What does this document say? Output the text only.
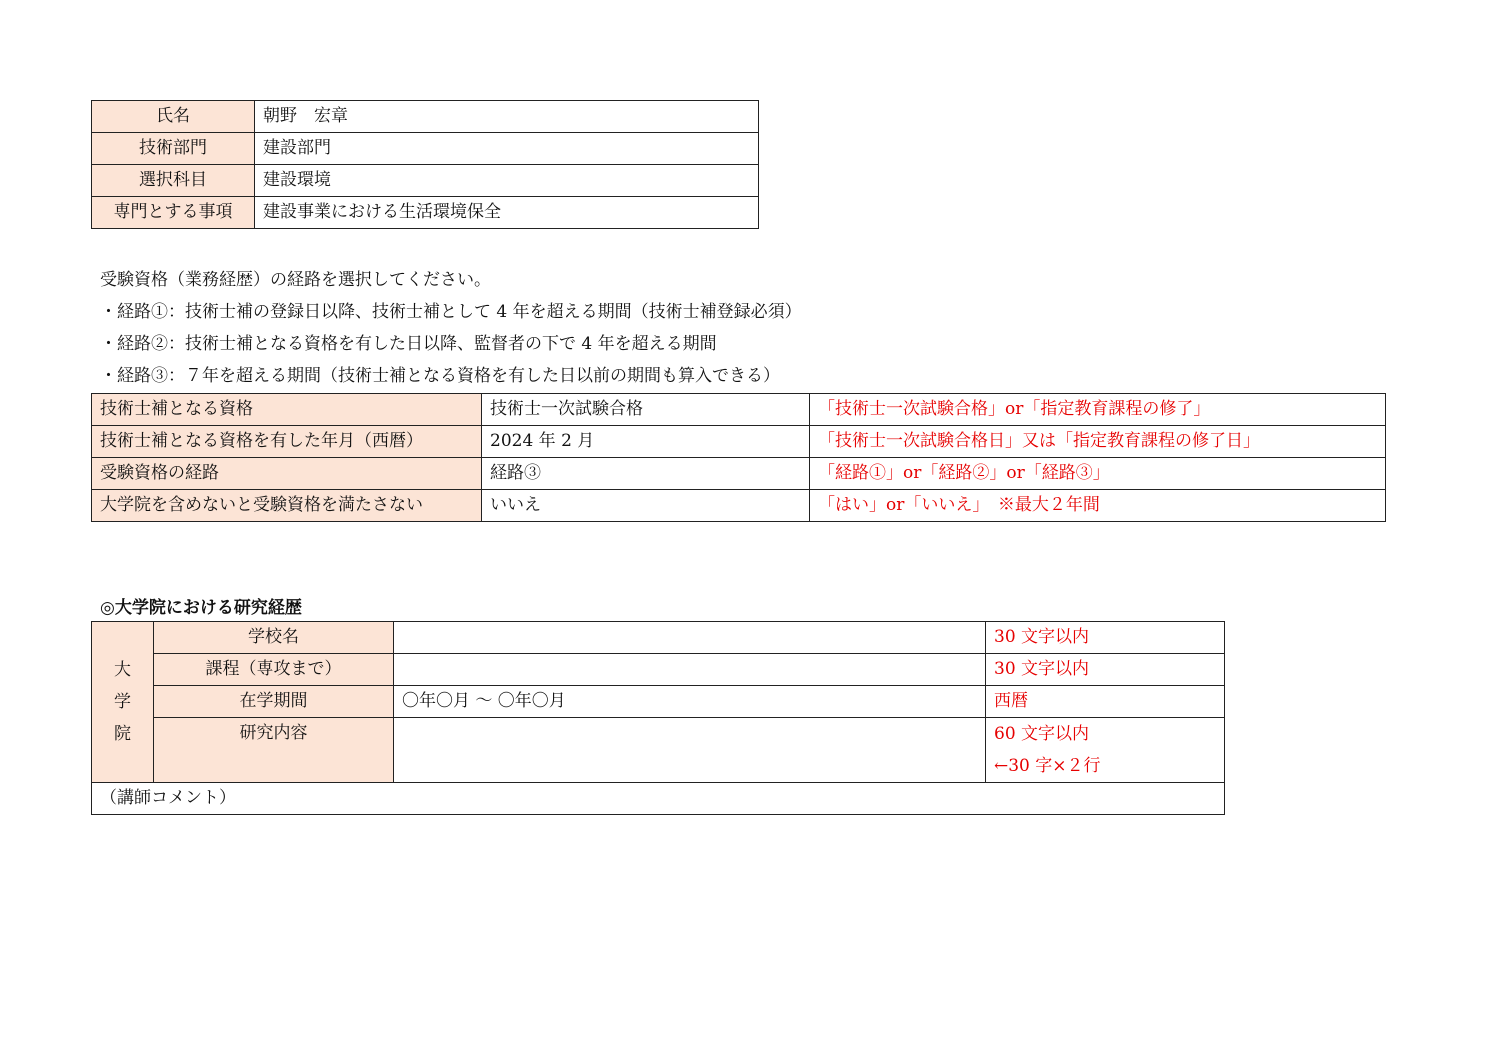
氏名	朝野　宏章
技術部門	建設部門
選択科目	建設環境
専門とする事項	建設事業における生活環境保全
受験資格（業務経歴）の経路を選択してください。
・経路①：技術士補の登録日以降、技術士補として 4 年を超える期間（技術士補登録必須）
・経路②：技術士補となる資格を有した日以降、監督者の下で 4 年を超える期間
・経路③：７年を超える期間（技術士補となる資格を有した日以前の期間も算入できる）
技術士補となる資格	技術士一次試験合格	「技術士一次試験合格」or「指定教育課程の修了」
技術士補となる資格を有した年月（西暦）	2024 年 2 月	「技術士一次試験合格日」又は「指定教育課程の修了日」
受験資格の経路	経路③	「経路①」or「経路②」or「経路③」
大学院を含めないと受験資格を満たさない	いいえ	「はい」or「いいえ」　※最大２年間
◎大学院における研究経歴
大
学
院	学校名		30 文字以内
	課程（専攻まで）		30 文字以内
	在学期間	〇年〇月 〜 〇年〇月	西暦
	研究内容		60 文字以内
←30 字×２行

（講師コメント）			
